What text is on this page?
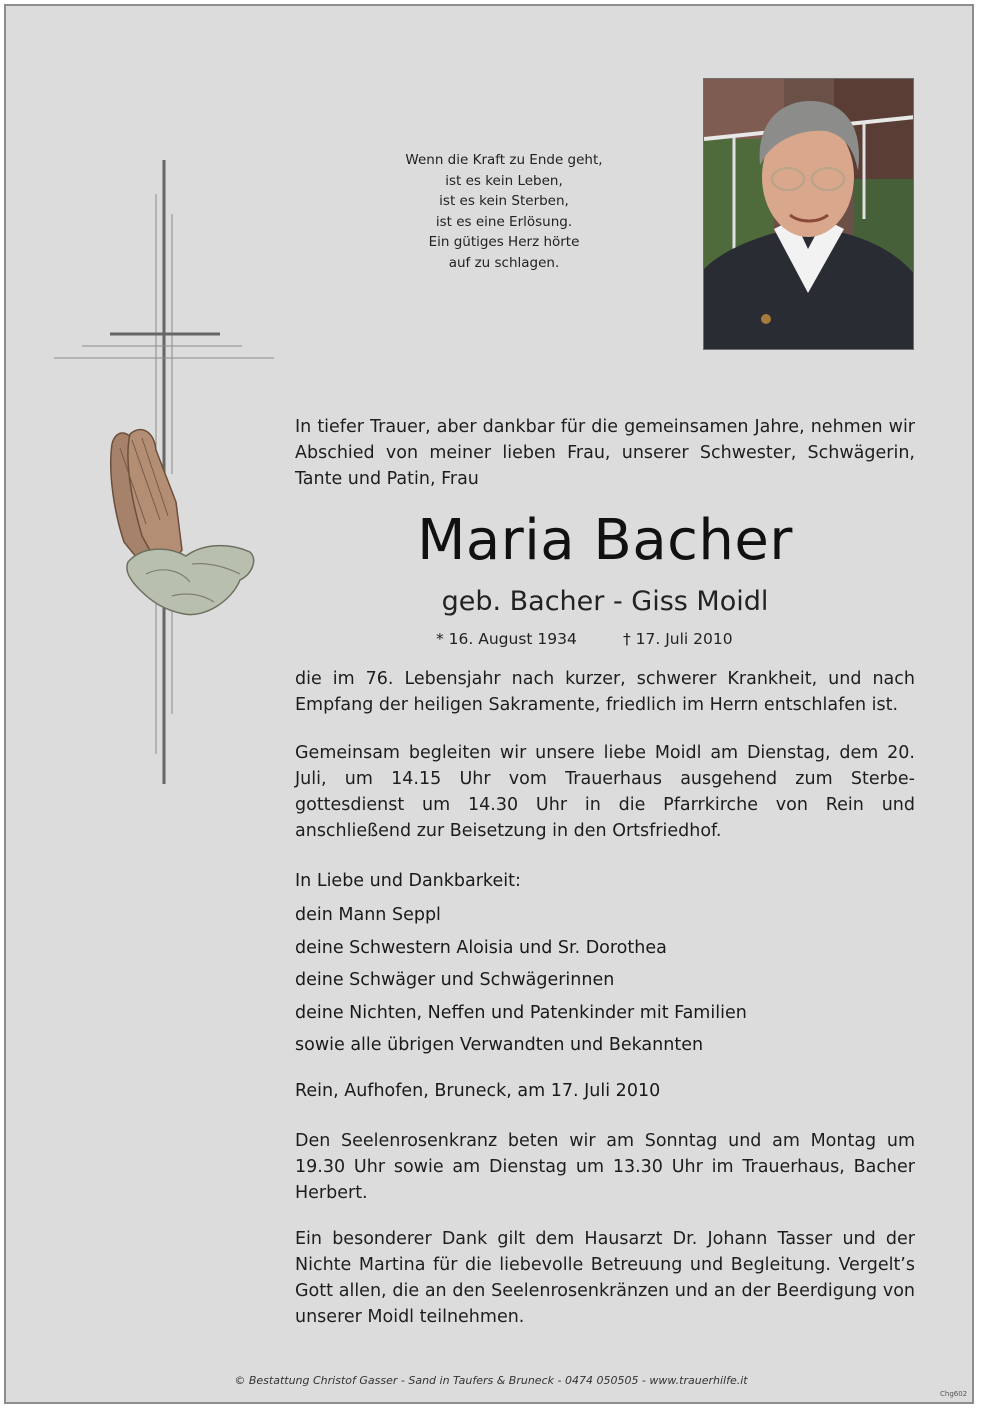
Wenn die Kraft zu Ende geht,
ist es kein Leben,
ist es kein Sterben,
ist es eine Erlösung.
Ein gütiges Herz hörte
auf zu schlagen.
In tiefer Trauer, aber dankbar für die gemeinsamen Jahre, nehmen wir Abschied von meiner lieben Frau, unserer Schwester, Schwägerin, Tante und Patin, Frau
Maria Bacher
geb. Bacher - Giss Moidl
* 16. August 1934	† 17. Juli 2010
die im 76. Lebensjahr nach kurzer, schwerer Krankheit, und nach Empfang der heiligen Sakramente, friedlich im Herrn entschlafen ist.
Gemeinsam begleiten wir unsere liebe Moidl am Dienstag, dem 20. Juli, um 14.15 Uhr vom Trauerhaus ausgehend zum Sterbegottesdienst um 14.30 Uhr in die Pfarrkirche von Rein und anschließend zur Beisetzung in den Ortsfriedhof.
In Liebe und Dankbarkeit:
dein Mann Seppl
deine Schwestern Aloisia und Sr. Dorothea
deine Schwäger und Schwägerinnen
deine Nichten, Neffen und Patenkinder mit Familien
sowie alle übrigen Verwandten und Bekannten
Rein, Aufhofen, Bruneck, am 17. Juli 2010
Den Seelenrosenkranz beten wir am Sonntag und am Montag um 19.30 Uhr sowie am Dienstag um 13.30 Uhr im Trauerhaus, Bacher Herbert.
Ein besonderer Dank gilt dem Hausarzt Dr. Johann Tasser und der Nichte Martina für die liebevolle Betreuung und Begleitung. Vergelt’s Gott allen, die an den Seelenrosenkränzen und an der Beerdigung von unserer Moidl teilnehmen.
© Bestattung Christof Gasser - Sand in Taufers & Bruneck - 0474 050505 - www.trauerhilfe.it
Chg602
